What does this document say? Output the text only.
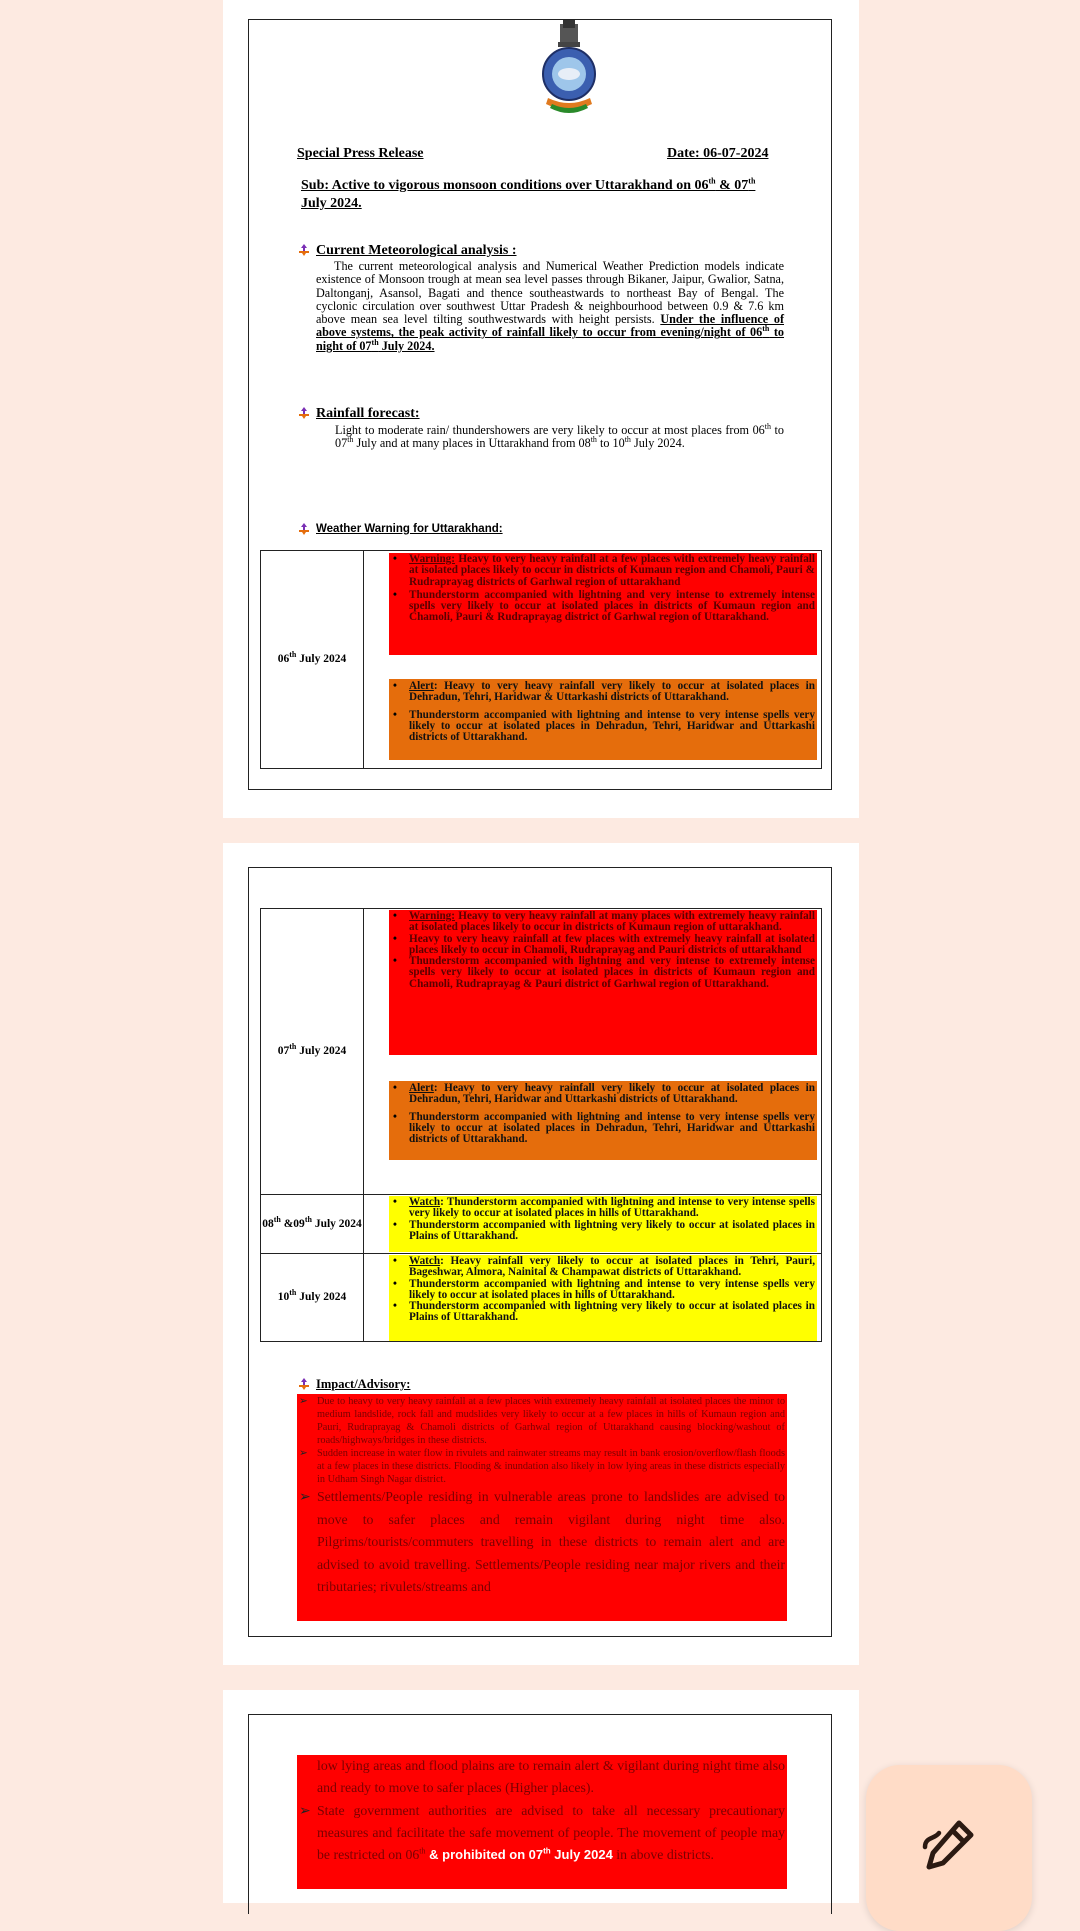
Special Press Release	Date: 06-07-2024
Sub: Active to vigorous monsoon conditions over Uttarakhand on 06th & 07th July 2024.
Current Meteorological analysis :
The current meteorological analysis and Numerical Weather Prediction models indicate existence of Monsoon trough at mean sea level passes through Bikaner, Jaipur, Gwalior, Satna, Daltonganj, Asansol, Bagati and thence southeastwards to northeast Bay of Bengal. The cyclonic circulation over southwest Uttar Pradesh & neighbourhood between 0.9 & 7.6 km above mean sea level tilting southwestwards with height persists. Under the influence of above systems, the peak activity of rainfall likely to occur from evening/night of 06th to night of 07th July 2024.
Rainfall forecast:
Light to moderate rain/ thundershowers are very likely to occur at most places from 06th to 07th July and at many places in Uttarakhand from 08th to 10th July 2024.
Weather Warning for Uttarakhand:
06th July 2024
• Warning: Heavy to very heavy rainfall at a few places with extremely heavy rainfall at isolated places likely to occur in districts of Kumaun region and Chamoli, Pauri & Rudraprayag districts of Garhwal region of uttarakhand
• Thunderstorm accompanied with lightning and very intense to extremely intense spells very likely to occur at isolated places in districts of Kumaun region and Chamoli, Pauri & Rudraprayag district of Garhwal region of Uttarakhand.
• Alert: Heavy to very heavy rainfall very likely to occur at isolated places in Dehradun, Tehri, Haridwar & Uttarkashi districts of Uttarakhand.
• Thunderstorm accompanied with lightning and intense to very intense spells very likely to occur at isolated places in Dehradun, Tehri, Haridwar and Uttarkashi districts of Uttarakhand.
07th July 2024
• Warning: Heavy to very heavy rainfall at many places with extremely heavy rainfall at isolated places likely to occur in districts of Kumaun region of uttarakhand.
• Heavy to very heavy rainfall at few places with extremely heavy rainfall at isolated places likely to occur in Chamoli, Rudraprayag and Pauri districts of uttarakhand
• Thunderstorm accompanied with lightning and very intense to extremely intense spells very likely to occur at isolated places in districts of Kumaun region and Chamoli, Rudraprayag & Pauri district of Garhwal region of Uttarakhand.
• Alert: Heavy to very heavy rainfall very likely to occur at isolated places in Dehradun, Tehri, Haridwar and Uttarkashi districts of Uttarakhand.
• Thunderstorm accompanied with lightning and intense to very intense spells very likely to occur at isolated places in Dehradun, Tehri, Haridwar and Uttarkashi districts of Uttarakhand.
08th &09th July 2024
• Watch: Thunderstorm accompanied with lightning and intense to very intense spells very likely to occur at isolated places in hills of Uttarakhand.
• Thunderstorm accompanied with lightning very likely to occur at isolated places in Plains of Uttarakhand.
10th July 2024
• Watch: Heavy rainfall very likely to occur at isolated places in Tehri, Pauri, Bageshwar, Almora, Nainital & Champawat districts of Uttarakhand.
• Thunderstorm accompanied with lightning and intense to very intense spells very likely to occur at isolated places in hills of Uttarakhand.
• Thunderstorm accompanied with lightning very likely to occur at isolated places in Plains of Uttarakhand.
Impact/Advisory:
➢ Due to heavy to very heavy rainfall at a few places with extremely heavy rainfall at isolated places the minor to medium landslide, rock fall and mudslides very likely to occur at a few places in hills of Kumaun region and Pauri, Rudraprayag & Chamoli districts of Garhwal region of Uttarakhand causing blocking/washout of roads/highways/bridges in these districts.
➢ Sudden increase in water flow in rivulets and rainwater streams may result in bank erosion/overflow/flash floods at a few places in these districts. Flooding & inundation also likely in low lying areas in these districts especially in Udham Singh Nagar district.
➢ Settlements/People residing in vulnerable areas prone to landslides are advised to move to safer places and remain vigilant during night time also. Pilgrims/tourists/commuters travelling in these districts to remain alert and are advised to avoid travelling. Settlements/People residing near major rivers and their tributaries; rivulets/streams and
low lying areas and flood plains are to remain alert & vigilant during night time also and ready to move to safer places (Higher places).
➢ State government authorities are advised to take all necessary precautionary measures and facilitate the safe movement of people. The movement of people may be restricted on 06th & prohibited on 07th July 2024 in above districts.
